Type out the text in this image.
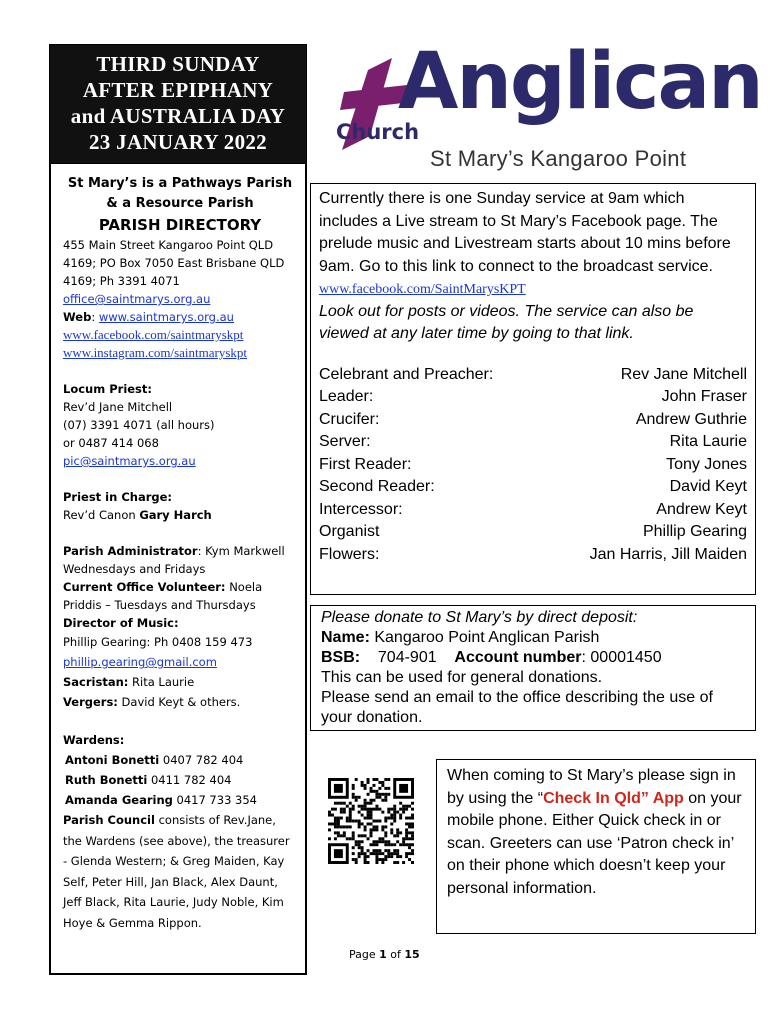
THIRD SUNDAY
AFTER EPIPHANY
and AUSTRALIA DAY
23 JANUARY 2022
Anglican
Church
St Mary’s Kangaroo Point
St Mary’s is a Pathways Parish
& a Resource Parish
PARISH DIRECTORY
455 Main Street Kangaroo Point QLD 4169; PO Box 7050 East Brisbane QLD 4169; Ph 3391 4071
office@saintmarys.org.au
Web: www.saintmarys.org.au
www.facebook.com/saintmaryskpt
www.instagram.com/saintmaryskpt
Locum Priest:
Rev’d Jane Mitchell
(07) 3391 4071 (all hours)
or 0487 414 068
pic@saintmarys.org.au
Priest in Charge:
Rev’d Canon Gary Harch
Parish Administrator: Kym Markwell
Wednesdays and Fridays
Current Office Volunteer: Noela Priddis – Tuesdays and Thursdays
Director of Music:
Phillip Gearing: Ph 0408 159 473
phillip.gearing@gmail.com
Sacristan: Rita Laurie
Vergers: David Keyt & others.
Wardens:
Antoni Bonetti 0407 782 404
Ruth Bonetti 0411 782 404
Amanda Gearing 0417 733 354
Parish Council consists of Rev.Jane, the Wardens (see above), the treasurer - Glenda Western; & Greg Maiden, Kay Self, Peter Hill, Jan Black, Alex Daunt, Jeff Black, Rita Laurie, Judy Noble, Kim Hoye & Gemma Rippon.
Currently there is one Sunday service at 9am which includes a Live stream to St Mary’s Facebook page. The prelude music and Livestream starts about 10 mins before 9am. Go to this link to connect to the broadcast service.
www.facebook.com/SaintMarysKPT
Look out for posts or videos. The service can also be viewed at any later time by going to that link.
Celebrant and Preacher:	Rev Jane Mitchell
Leader:	John Fraser
Crucifer:	Andrew Guthrie
Server:	Rita Laurie
First Reader:	Tony Jones
Second Reader:	David Keyt
Intercessor:	Andrew Keyt
Organist	Phillip Gearing
Flowers:	Jan Harris, Jill Maiden
Please donate to St Mary’s by direct deposit:
Name: Kangaroo Point Anglican Parish
BSB: 704-901 Account number: 00001450
This can be used for general donations.
Please send an email to the office describing the use of your donation.
When coming to St Mary’s please sign in by using the “Check In Qld” App on your mobile phone. Either Quick check in or scan. Greeters can use ‘Patron check in’ on their phone which doesn’t keep your personal information.
Page 1 of 15
